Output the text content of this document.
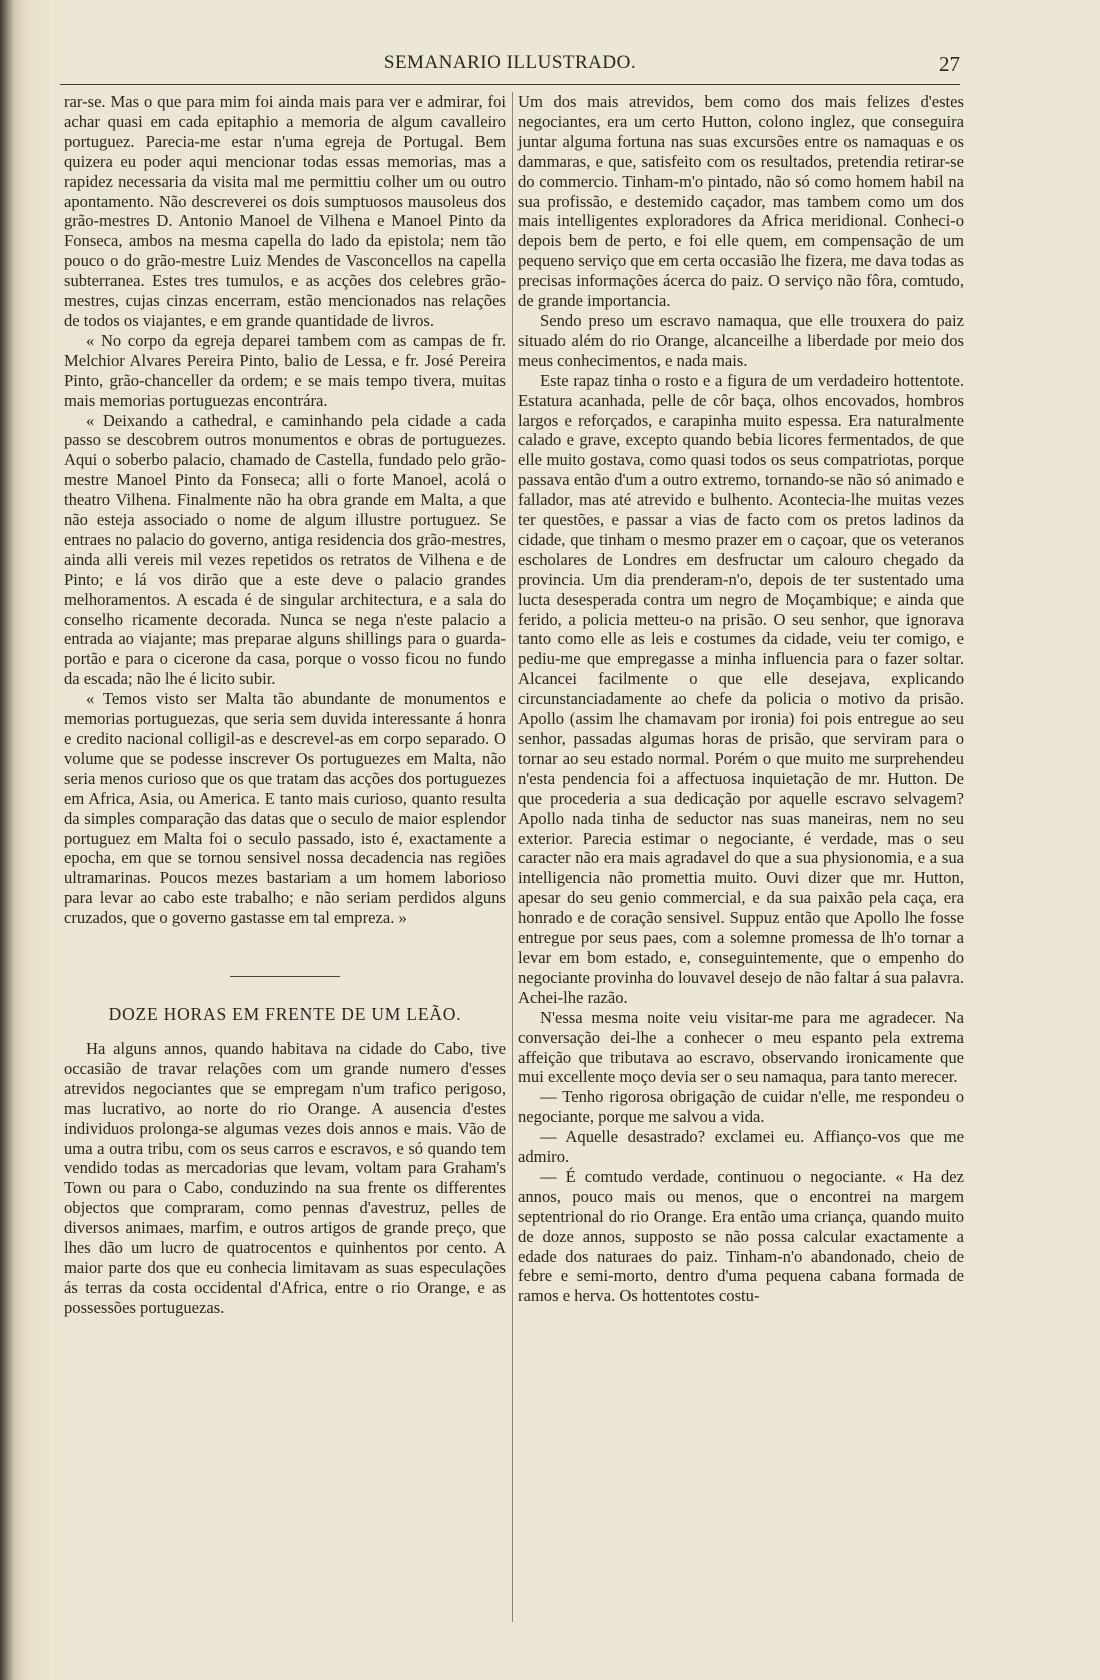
SEMANARIO ILLUSTRADO.	27

rar-se. Mas o que para mim foi ainda mais para ver e admirar, foi achar quasi em cada epitaphio a memoria de algum cavalleiro portuguez. Parecia-me estar n'uma egreja de Portugal. Bem quizera eu poder aqui mencionar todas essas memorias, mas a rapidez necessaria da visita mal me permittiu colher um ou outro apontamento. Não descreverei os dois sumptuosos mausoleus dos grão-mestres D. Antonio Manoel de Vilhena e Manoel Pinto da Fonseca, ambos na mesma capella do lado da epistola; nem tão pouco o do grão-mestre Luiz Mendes de Vasconcellos na capella subterranea. Estes tres tumulos, e as acções dos celebres grão-mestres, cujas cinzas encerram, estão mencionados nas relações de todos os viajantes, e em grande quantidade de livros.

« No corpo da egreja deparei tambem com as campas de fr. Melchior Alvares Pereira Pinto, balio de Lessa, e fr. José Pereira Pinto, grão-chanceller da ordem; e se mais tempo tivera, muitas mais memorias portuguezas encontrára.

« Deixando a cathedral, e caminhando pela cidade a cada passo se descobrem outros monumentos e obras de portuguezes. Aqui o soberbo palacio, chamado de Castella, fundado pelo grão-mestre Manoel Pinto da Fonseca; alli o forte Manoel, acolá o theatro Vilhena. Finalmente não ha obra grande em Malta, a que não esteja associado o nome de algum illustre portuguez. Se entraes no palacio do governo, antiga residencia dos grão-mestres, ainda alli vereis mil vezes repetidos os retratos de Vilhena e de Pinto; e lá vos dirão que a este deve o palacio grandes melhoramentos. A escada é de singular architectura, e a sala do conselho ricamente decorada. Nunca se nega n'este palacio a entrada ao viajante; mas preparae alguns shillings para o guarda-portão e para o cicerone da casa, porque o vosso ficou no fundo da escada; não lhe é licito subir.

« Temos visto ser Malta tão abundante de monumentos e memorias portuguezas, que seria sem duvida interessante á honra e credito nacional colligil-as e descrevel-as em corpo separado. O volume que se podesse inscrever Os portuguezes em Malta, não seria menos curioso que os que tratam das acções dos portuguezes em Africa, Asia, ou America. E tanto mais curioso, quanto resulta da simples comparação das datas que o seculo de maior esplendor portuguez em Malta foi o seculo passado, isto é, exactamente a epocha, em que se tornou sensivel nossa decadencia nas regiões ultramarinas. Poucos mezes bastariam a um homem laborioso para levar ao cabo este trabalho; e não seriam perdidos alguns cruzados, que o governo gastasse em tal empreza. »

DOZE HORAS EM FRENTE DE UM LEÃO.

Ha alguns annos, quando habitava na cidade do Cabo, tive occasião de travar relações com um grande numero d'esses atrevidos negociantes que se empregam n'um trafico perigoso, mas lucrativo, ao norte do rio Orange. A ausencia d'estes individuos prolonga-se algumas vezes dois annos e mais. Vão de uma a outra tribu, com os seus carros e escravos, e só quando tem vendido todas as mercadorias que levam, voltam para Graham's Town ou para o Cabo, conduzindo na sua frente os differentes objectos que compraram, como pennas d'avestruz, pelles de diversos animaes, marfim, e outros artigos de grande preço, que lhes dão um lucro de quatrocentos e quinhentos por cento. A maior parte dos que eu conhecia limitavam as suas especulações ás terras da costa occidental d'Africa, entre o rio Orange, e as possessões portuguezas.

Um dos mais atrevidos, bem como dos mais felizes d'estes negociantes, era um certo Hutton, colono inglez, que conseguira juntar alguma fortuna nas suas excursões entre os namaquas e os dammaras, e que, satisfeito com os resultados, pretendia retirar-se do commercio. Tinham-m'o pintado, não só como homem habil na sua profissão, e destemido caçador, mas tambem como um dos mais intelligentes exploradores da Africa meridional. Conheci-o depois bem de perto, e foi elle quem, em compensação de um pequeno serviço que em certa occasião lhe fizera, me dava todas as precisas informações ácerca do paiz. O serviço não fôra, comtudo, de grande importancia.

Sendo preso um escravo namaqua, que elle trouxera do paiz situado além do rio Orange, alcanceilhe a liberdade por meio dos meus conhecimentos, e nada mais.

Este rapaz tinha o rosto e a figura de um verdadeiro hottentote. Estatura acanhada, pelle de côr baça, olhos encovados, hombros largos e reforçados, e carapinha muito espessa. Era naturalmente calado e grave, excepto quando bebia licores fermentados, de que elle muito gostava, como quasi todos os seus compatriotas, porque passava então d'um a outro extremo, tornando-se não só animado e fallador, mas até atrevido e bulhento. Acontecia-lhe muitas vezes ter questões, e passar a vias de facto com os pretos ladinos da cidade, que tinham o mesmo prazer em o caçoar, que os veteranos escholares de Londres em desfructar um calouro chegado da provincia. Um dia prenderam-n'o, depois de ter sustentado uma lucta desesperada contra um negro de Moçambique; e ainda que ferido, a policia metteu-o na prisão. O seu senhor, que ignorava tanto como elle as leis e costumes da cidade, veiu ter comigo, e pediu-me que empregasse a minha influencia para o fazer soltar. Alcancei facilmente o que elle desejava, explicando circunstanciadamente ao chefe da policia o motivo da prisão. Apollo (assim lhe chamavam por ironia) foi pois entregue ao seu senhor, passadas algumas horas de prisão, que serviram para o tornar ao seu estado normal. Porém o que muito me surprehendeu n'esta pendencia foi a affectuosa inquietação de mr. Hutton. De que procederia a sua dedicação por aquelle escravo selvagem? Apollo nada tinha de seductor nas suas maneiras, nem no seu exterior. Parecia estimar o negociante, é verdade, mas o seu caracter não era mais agradavel do que a sua physionomia, e a sua intelligencia não promettia muito. Ouvi dizer que mr. Hutton, apesar do seu genio commercial, e da sua paixão pela caça, era honrado e de coração sensivel. Suppuz então que Apollo lhe fosse entregue por seus paes, com a solemne promessa de lh'o tornar a levar em bom estado, e, conseguintemente, que o empenho do negociante provinha do louvavel desejo de não faltar á sua palavra. Achei-lhe razão.

N'essa mesma noite veiu visitar-me para me agradecer. Na conversação dei-lhe a conhecer o meu espanto pela extrema affeição que tributava ao escravo, observando ironicamente que mui excellente moço devia ser o seu namaqua, para tanto merecer.

— Tenho rigorosa obrigação de cuidar n'elle, me respondeu o negociante, porque me salvou a vida.

— Aquelle desastrado? exclamei eu. Affianço-vos que me admiro.

— É comtudo verdade, continuou o negociante. « Ha dez annos, pouco mais ou menos, que o encontrei na margem septentrional do rio Orange. Era então uma criança, quando muito de doze annos, supposto se não possa calcular exactamente a edade dos naturaes do paiz. Tinham-n'o abandonado, cheio de febre e semi-morto, dentro d'uma pequena cabana formada de ramos e herva. Os hottentotes costu-
